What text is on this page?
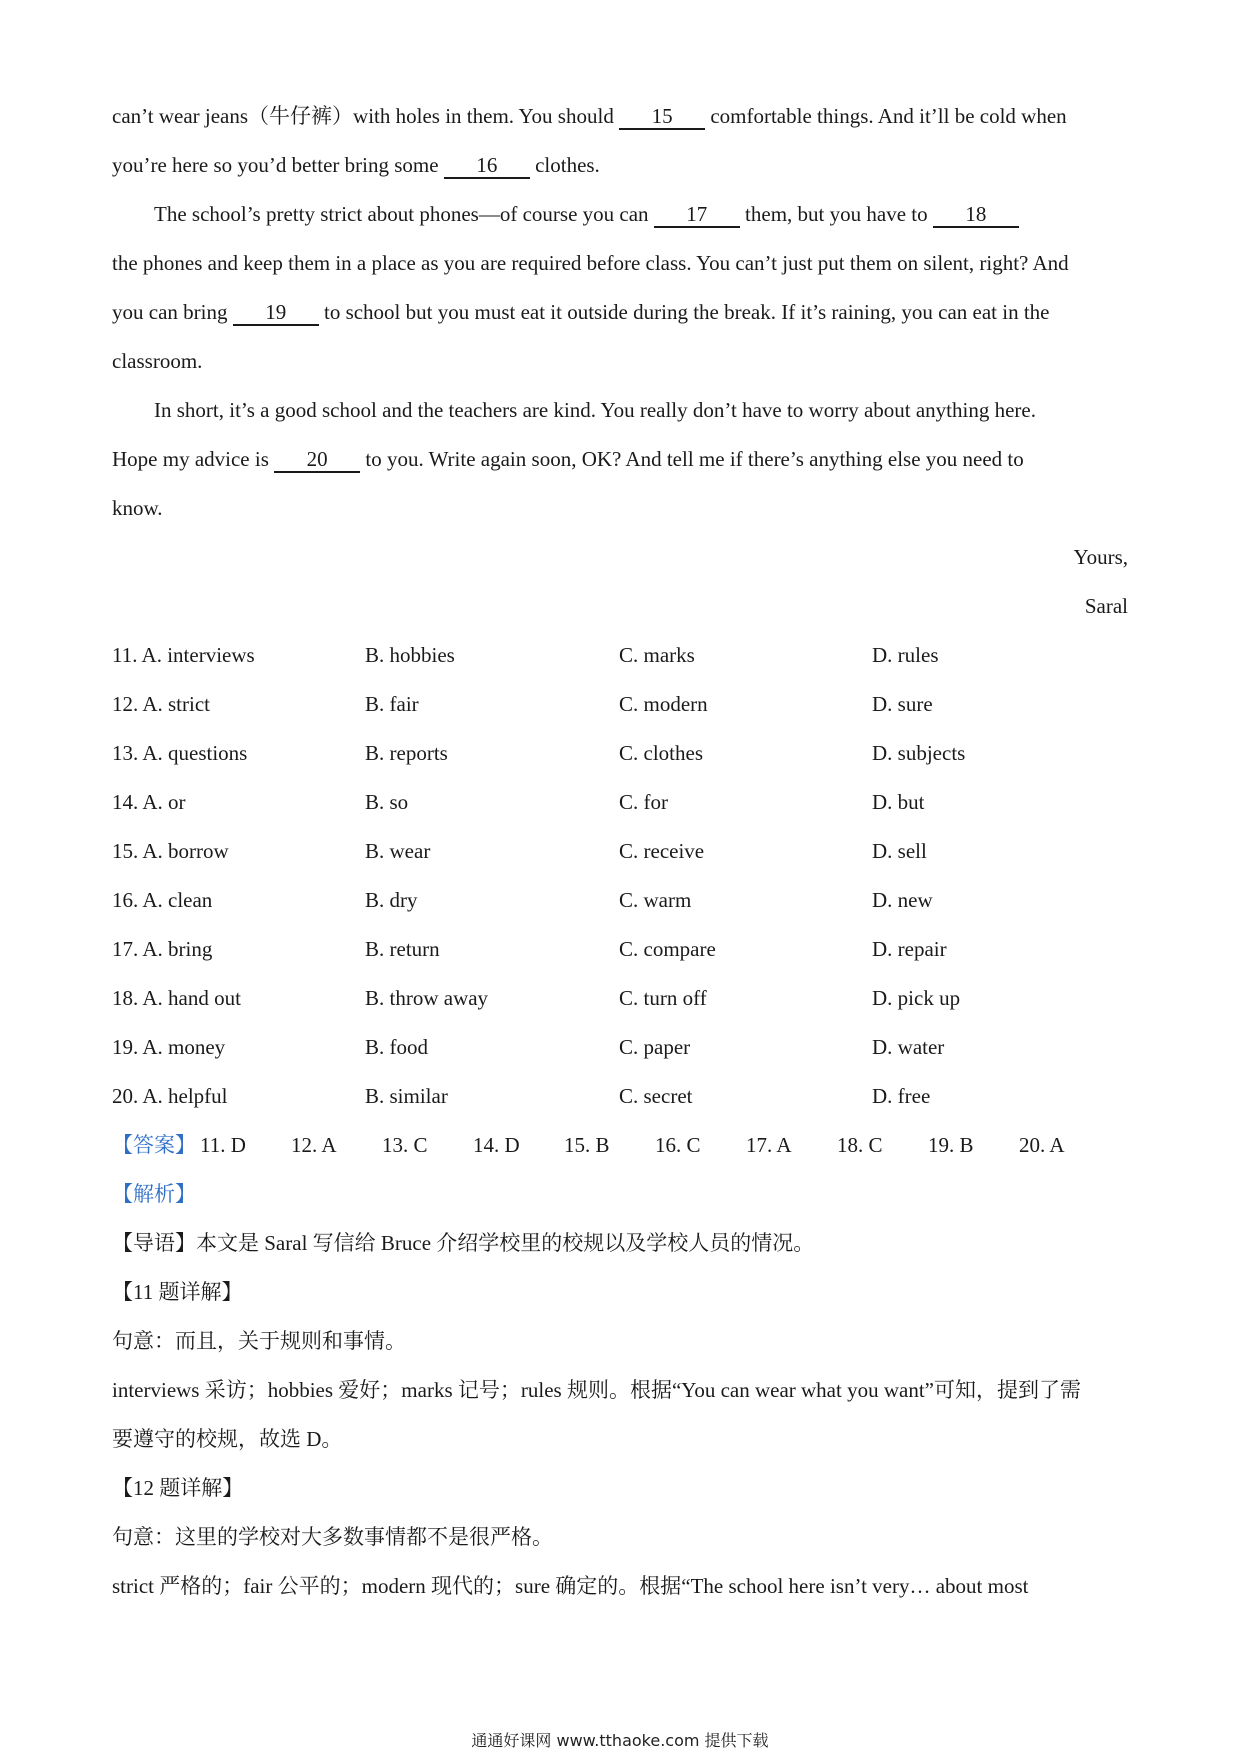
can’t wear jeans（牛仔裤）with holes in them. You should 15 comfortable things. And it’ll be cold when
you’re here so you’d better bring some 16 clothes.
The school’s pretty strict about phones—of course you can 17 them, but you have to 18
the phones and keep them in a place as you are required before class. You can’t just put them on silent, right? And
you can bring 19 to school but you must eat it outside during the break. If it’s raining, you can eat in the
classroom.
In short, it’s a good school and the teachers are kind. You really don’t have to worry about anything here.
Hope my advice is 20 to you. Write again soon, OK? And tell me if there’s anything else you need to
know.
Yours,
Saral
11. A. interviews	B. hobbies	C. marks	D. rules
12. A. strict	B. fair	C. modern	D. sure
13. A. questions	B. reports	C. clothes	D. subjects
14. A. or	B. so	C. for	D. but
15. A. borrow	B. wear	C. receive	D. sell
16. A. clean	B. dry	C. warm	D. new
17. A. bring	B. return	C. compare	D. repair
18. A. hand out	B. throw away	C. turn off	D. pick up
19. A. money	B. food	C. paper	D. water
20. A. helpful	B. similar	C. secret	D. free
【答案】 11. D	12. A	13. C	14. D	15. B	16. C	17. A	18. C	19. B	20. A
【解析】
【导语】本文是 Saral 写信给 Bruce 介绍学校里的校规以及学校人员的情况。
【11 题详解】
句意：而且，关于规则和事情。
interviews 采访；hobbies 爱好；marks 记号；rules 规则。根据“You can wear what you want”可知，提到了需
要遵守的校规，故选 D。
【12 题详解】
句意：这里的学校对大多数事情都不是很严格。
strict 严格的；fair 公平的；modern 现代的；sure 确定的。根据“The school here isn’t very… about most
通通好课网 www.tthaoke.com 提供下载
